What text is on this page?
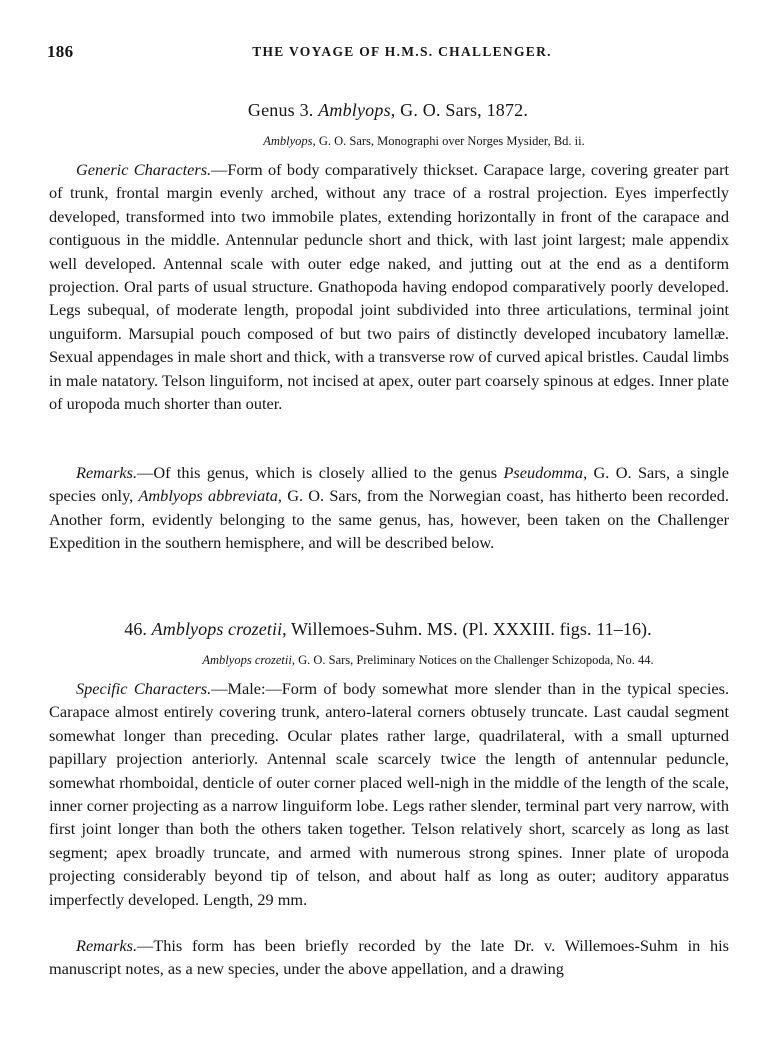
186	THE VOYAGE OF H.M.S. CHALLENGER.
Genus 3. Amblyops, G. O. Sars, 1872.
Amblyops, G. O. Sars, Monographi over Norges Mysider, Bd. ii.
Generic Characters.—Form of body comparatively thickset. Carapace large, covering greater part of trunk, frontal margin evenly arched, without any trace of a rostral projection. Eyes imperfectly developed, transformed into two immobile plates, extending horizontally in front of the carapace and contiguous in the middle. Antennular peduncle short and thick, with last joint largest; male appendix well developed. Antennal scale with outer edge naked, and jutting out at the end as a dentiform projection. Oral parts of usual structure. Gnathopoda having endopod comparatively poorly developed. Legs subequal, of moderate length, propodal joint subdivided into three articulations, terminal joint unguiform. Marsupial pouch composed of but two pairs of distinctly developed incubatory lamellæ. Sexual appendages in male short and thick, with a transverse row of curved apical bristles. Caudal limbs in male natatory. Telson linguiform, not incised at apex, outer part coarsely spinous at edges. Inner plate of uropoda much shorter than outer.
Remarks.—Of this genus, which is closely allied to the genus Pseudomma, G. O. Sars, a single species only, Amblyops abbreviata, G. O. Sars, from the Norwegian coast, has hitherto been recorded. Another form, evidently belonging to the same genus, has, however, been taken on the Challenger Expedition in the southern hemisphere, and will be described below.
46. Amblyops crozetii, Willemoes-Suhm. MS. (Pl. XXXIII. figs. 11–16).
Amblyops crozetii, G. O. Sars, Preliminary Notices on the Challenger Schizopoda, No. 44.
Specific Characters.—Male:—Form of body somewhat more slender than in the typical species. Carapace almost entirely covering trunk, antero-lateral corners obtusely truncate. Last caudal segment somewhat longer than preceding. Ocular plates rather large, quadrilateral, with a small upturned papillary projection anteriorly. Antennal scale scarcely twice the length of antennular peduncle, somewhat rhomboidal, denticle of outer corner placed well-nigh in the middle of the length of the scale, inner corner projecting as a narrow linguiform lobe. Legs rather slender, terminal part very narrow, with first joint longer than both the others taken together. Telson relatively short, scarcely as long as last segment; apex broadly truncate, and armed with numerous strong spines. Inner plate of uropoda projecting considerably beyond tip of telson, and about half as long as outer; auditory apparatus imperfectly developed. Length, 29 mm.
Remarks.—This form has been briefly recorded by the late Dr. v. Willemoes-Suhm in his manuscript notes, as a new species, under the above appellation, and a drawing
